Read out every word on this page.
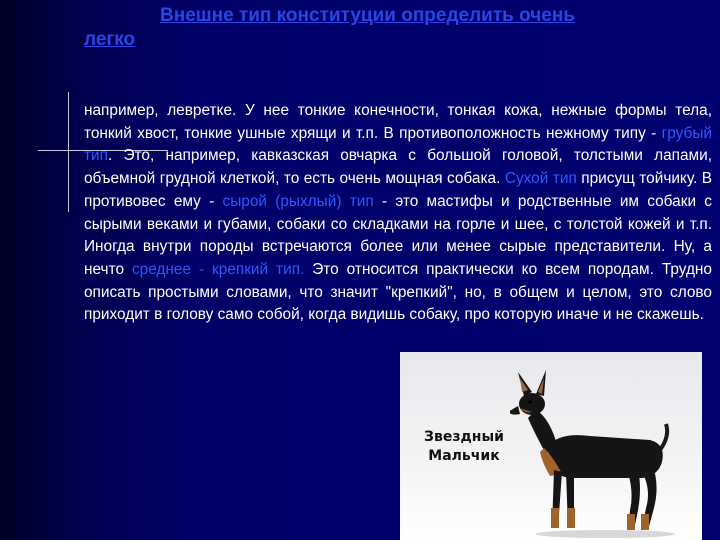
Внешне тип конституции определить очень
легко

например, левретке. У нее тонкие конечности, тонкая кожа, нежные формы тела, тонкий хвост, тонкие ушные хрящи и т.п. В противоположность нежному типу - грубый тип. Это, например, кавказская овчарка с большой головой, толстыми лапами, объемной грудной клеткой, то есть очень мощная собака. Сухой тип присущ тойчику. В противовес ему - сырой (рыхлый) тип - это мастифы и родственные им собаки с сырыми веками и губами, собаки со складками на горле и шее, с толстой кожей и т.п. Иногда внутри породы встречаются более или менее сырые представители. Ну, а нечто среднее - крепкий тип. Это относится практически ко всем породам. Трудно описать простыми словами, что значит "крепкий", но, в общем и целом, это слово приходит в голову само собой, когда видишь собаку, про которую иначе и не скажешь.

Звездный
Мальчик
